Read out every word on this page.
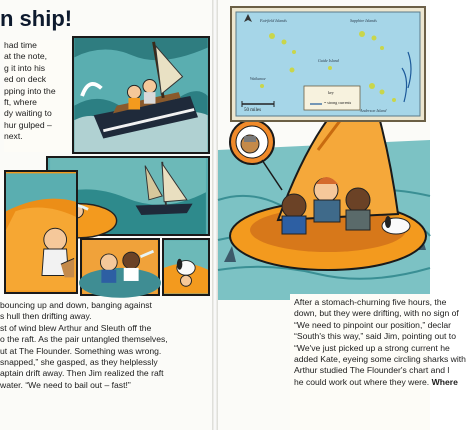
n ship!

had time

at the note,

g it into his

ed on deck

pping into the

ft, where

dy waiting to

hur gulped –

next.

bouncing up and down, banging against

s hull then drifting away.

st of wind blew Arthur and Sleuth off the

o the raft. As the pair untangled themselves,

ut at The Flounder. Something was wrong.

snapped,” she gasped, as they helplessly

aptain drift away. Then Jim realized the raft

water. “We need to bail out – fast!”

Fairfield Islands	Sapphire Islands
Waikanoe
Anderson Island
Guide Island
50 miles
key
= strong currents

After a stomach-churning five hours, the

down, but they were drifting, with no sign of

“We need to pinpoint our position,” declar

“South's this way,” said Jim, pointing out to

“We've just picked up a strong current he

added Kate, eyeing some circling sharks with

Arthur studied The Flounder's chart and l

he could work out where they were. Where
